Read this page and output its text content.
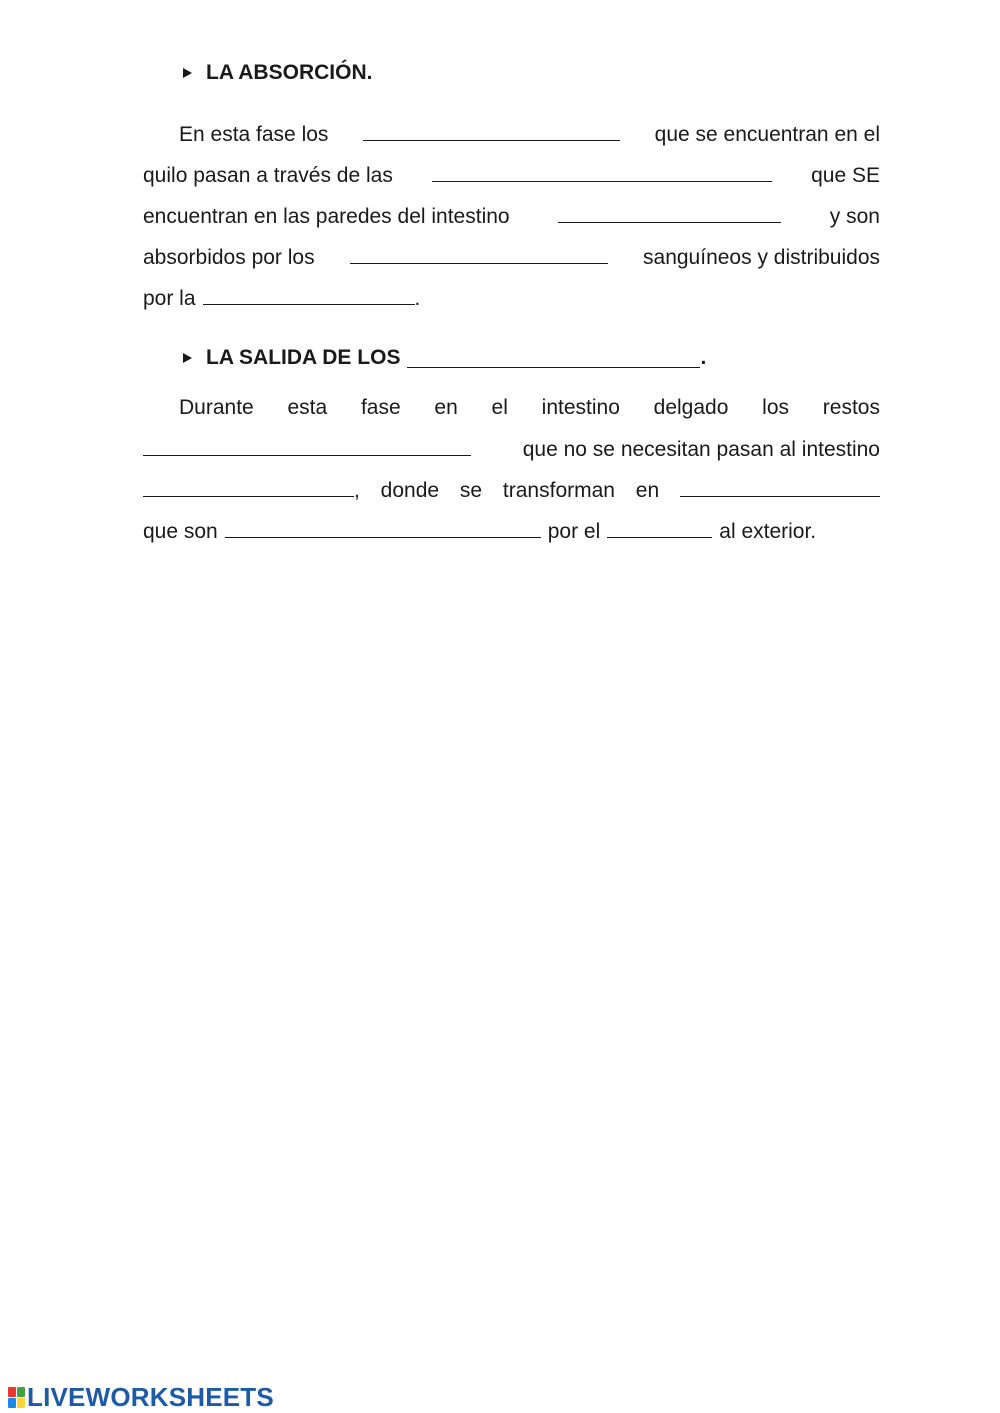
LA ABSORCIÓN.
En esta fase los	que se encuentran en el
quilo pasan a través de las	que SE
encuentran en las paredes del intestino	y son
absorbidos por los	sanguíneos y distribuidos
por la	.
LA SALIDA DE LOS	.
Durante esta fase en el intestino delgado los restos
que no se necesitan pasan al intestino
, donde se transforman en
que son	por el	al exterior.
LIVEWORKSHEETS
